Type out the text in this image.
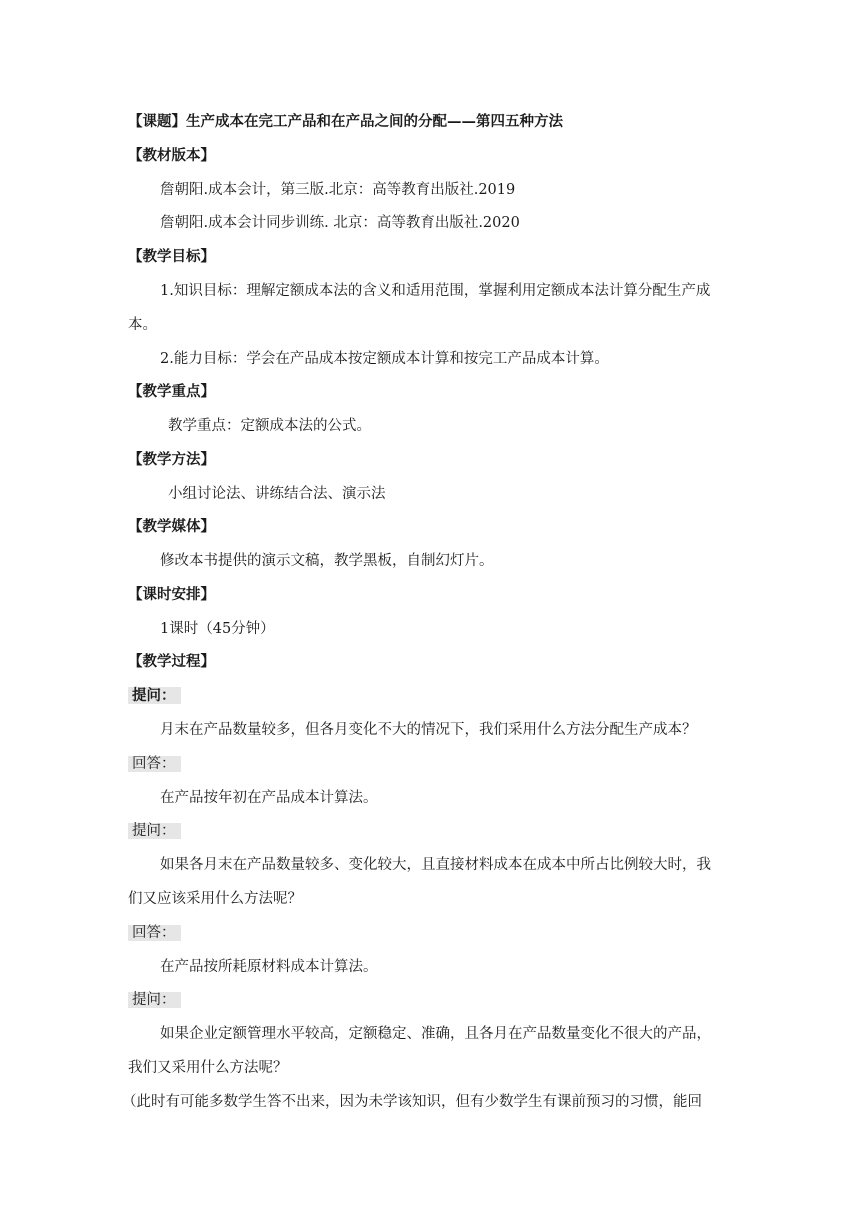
【课题】生产成本在完工产品和在产品之间的分配——第四五种方法
【教材版本】
詹朝阳.成本会计，第三版.北京：高等教育出版社.2019
詹朝阳.成本会计同步训练. 北京：高等教育出版社.2020
【教学目标】
1.知识目标：理解定额成本法的含义和适用范围，掌握利用定额成本法计算分配生产成
本。
2.能力目标：学会在产品成本按定额成本计算和按完工产品成本计算。
【教学重点】
教学重点：定额成本法的公式。
【教学方法】
小组讨论法、讲练结合法、演示法
【教学媒体】
修改本书提供的演示文稿，教学黑板，自制幻灯片。
【课时安排】
1课时（45分钟）
【教学过程】
提问：
月末在产品数量较多，但各月变化不大的情况下，我们采用什么方法分配生产成本？
回答：
在产品按年初在产品成本计算法。
提问：
如果各月末在产品数量较多、变化较大，且直接材料成本在成本中所占比例较大时，我
们又应该采用什么方法呢？
回答：
在产品按所耗原材料成本计算法。
提问：
如果企业定额管理水平较高，定额稳定、准确，且各月在产品数量变化不很大的产品，
我们又采用什么方法呢？
（此时有可能多数学生答不出来，因为未学该知识，但有少数学生有课前预习的习惯，能回
